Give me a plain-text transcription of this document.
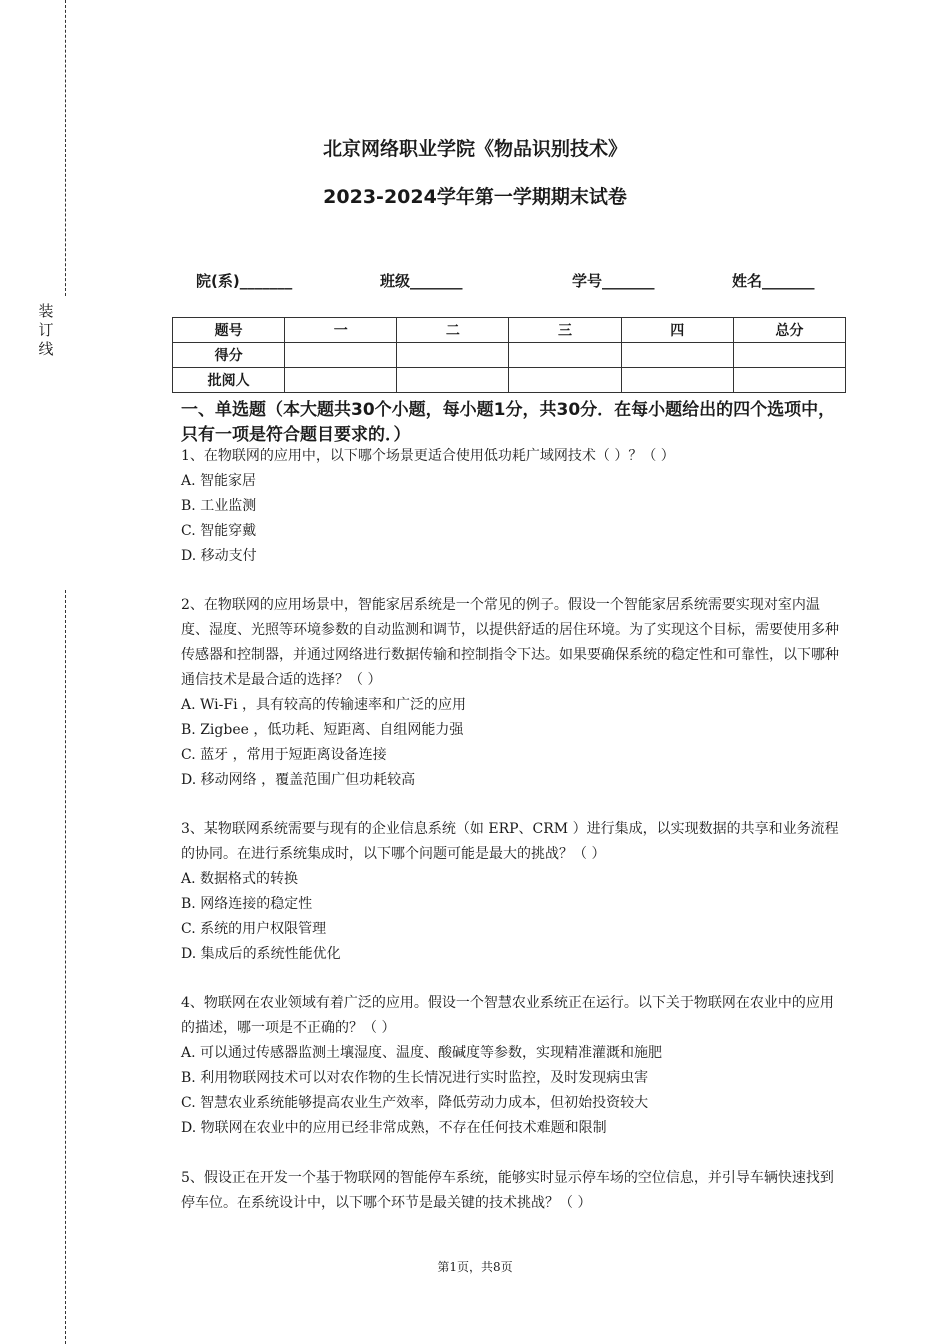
装
订
线
北京网络职业学院《物品识别技术》
2023-2024学年第一学期期末试卷
院(系)_______	班级_______	学号_______	姓名_______
题号	一	二	三	四	总分
得分					
批阅人					
一、单选题（本大题共30个小题，每小题1分，共30分．在每小题给出的四个选项中，只有一项是符合题目要求的．）

1、在物联网的应用中，以下哪个场景更适合使用低功耗广域网技术（ ）？（ ）

A. 智能家居

B. 工业监测

C. 智能穿戴

D. 移动支付

2、在物联网的应用场景中，智能家居系统是一个常见的例子。假设一个智能家居系统需要实现对室内温度、湿度、光照等环境参数的自动监测和调节，以提供舒适的居住环境。为了实现这个目标，需要使用多种传感器和控制器，并通过网络进行数据传输和控制指令下达。如果要确保系统的稳定性和可靠性，以下哪种通信技术是最合适的选择？（ ）

A. Wi-Fi ，具有较高的传输速率和广泛的应用

B. Zigbee ，低功耗、短距离、自组网能力强

C. 蓝牙 ，常用于短距离设备连接

D. 移动网络 ，覆盖范围广但功耗较高

3、某物联网系统需要与现有的企业信息系统（如 ERP、CRM ）进行集成，以实现数据的共享和业务流程的协同。在进行系统集成时，以下哪个问题可能是最大的挑战？（ ）

A. 数据格式的转换

B. 网络连接的稳定性

C. 系统的用户权限管理

D. 集成后的系统性能优化

4、物联网在农业领域有着广泛的应用。假设一个智慧农业系统正在运行。以下关于物联网在农业中的应用的描述，哪一项是不正确的？（ ）

A. 可以通过传感器监测土壤湿度、温度、酸碱度等参数，实现精准灌溉和施肥

B. 利用物联网技术可以对农作物的生长情况进行实时监控，及时发现病虫害

C. 智慧农业系统能够提高农业生产效率，降低劳动力成本，但初始投资较大

D. 物联网在农业中的应用已经非常成熟，不存在任何技术难题和限制

5、假设正在开发一个基于物联网的智能停车系统，能够实时显示停车场的空位信息，并引导车辆快速找到停车位。在系统设计中，以下哪个环节是最关键的技术挑战？（ ）

第1页，共8页
